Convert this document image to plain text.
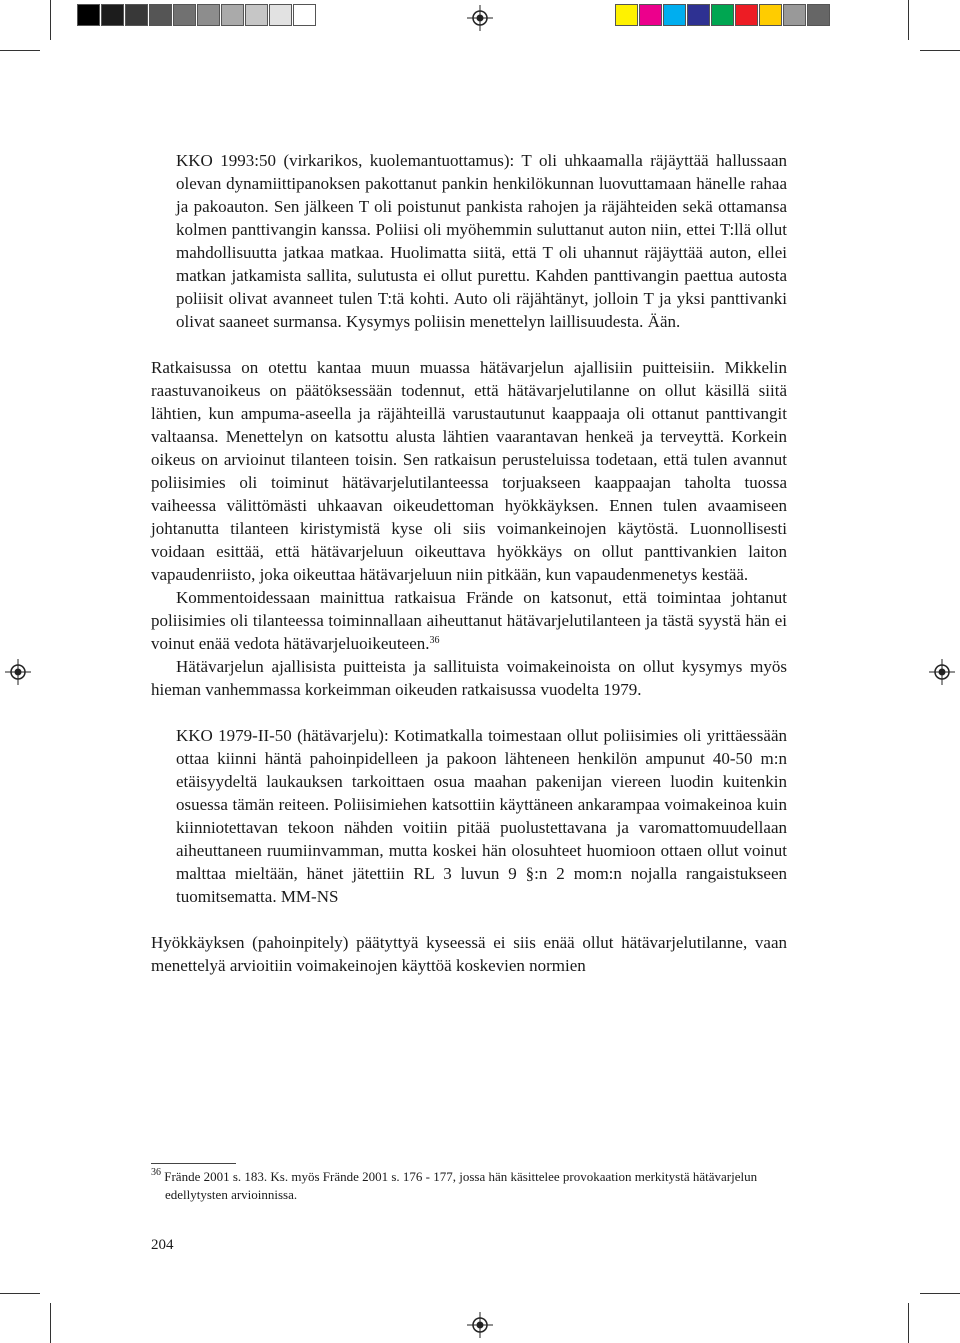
KKO 1993:50 (virkarikos, kuolemantuottamus): T oli uhkaamalla räjäyttää hallussaan olevan dynamiittipanoksen pakottanut pankin henkilökunnan luovuttamaan hänelle rahaa ja pakoauton. Sen jälkeen T oli poistunut pankista rahojen ja räjähteiden sekä ottamansa kolmen panttivangin kanssa. Poliisi oli myöhemmin suluttanut auton niin, ettei T:llä ollut mahdollisuutta jatkaa matkaa. Huolimatta siitä, että T oli uhannut räjäyttää auton, ellei matkan jatkamista sallita, sulutusta ei ollut purettu. Kahden panttivangin paettua autosta poliisit olivat avanneet tulen T:tä kohti. Auto oli räjähtänyt, jolloin T ja yksi panttivanki olivat saaneet surmansa. Kysymys poliisin menettelyn laillisuudesta. Ään.

Ratkaisussa on otettu kantaa muun muassa hätävarjelun ajallisiin puitteisiin. Mikkelin raastuvanoikeus on päätöksessään todennut, että hätävarjelutilanne on ollut käsillä siitä lähtien, kun ampuma-aseella ja räjähteillä varustautunut kaappaaja oli ottanut panttivangit valtaansa. Menettelyn on katsottu alusta lähtien vaarantavan henkeä ja terveyttä. Korkein oikeus on arvioinut tilanteen toisin. Sen ratkaisun perusteluissa todetaan, että tulen avannut poliisimies oli toiminut hätävarjelutilanteessa torjuakseen kaappaajan taholta tuossa vaiheessa välittömästi uhkaavan oikeudettoman hyökkäyksen. Ennen tulen avaamiseen johtanutta tilanteen kiristymistä kyse oli siis voimankeinojen käytöstä. Luonnollisesti voidaan esittää, että hätävarjeluun oikeuttava hyökkäys on ollut panttivankien laiton vapaudenriisto, joka oikeuttaa hätävarjeluun niin pitkään, kun vapaudenmenetys kestää.

Kommentoidessaan mainittua ratkaisua Frände on katsonut, että toimintaa johtanut poliisimies oli tilanteessa toiminnallaan aiheuttanut hätävarjelutilanteen ja tästä syystä hän ei voinut enää vedota hätävarjeluoikeuteen.$^{36}$

Hätävarjelun ajallisista puitteista ja sallituista voimakeinoista on ollut kysymys myös hieman vanhemmassa korkeimman oikeuden ratkaisussa vuodelta 1979.

KKO 1979-II-50 (hätävarjelu): Kotimatkalla toimestaan ollut poliisimies oli yrittäessään ottaa kiinni häntä pahoinpidelleen ja pakoon lähteneen henkilön ampunut 40-50 m:n etäisyydeltä laukauksen tarkoittaen osua maahan pakenijan viereen luodin kuitenkin osuessa tämän reiteen. Poliisimiehen katsottiin käyttäneen ankarampaa voimakeinoa kuin kiinniotettavan tekoon nähden voitiin pitää puolustettavana ja varomattomuudellaan aiheuttaneen ruumiinvamman, mutta koskei hän olosuhteet huomioon ottaen ollut voinut malttaa mieltään, hänet jätettiin RL 3 luvun 9 §:n 2 mom:n nojalla rangaistukseen tuomitsematta. MM-NS

Hyökkäyksen (pahoinpitely) päätyttyä kyseessä ei siis enää ollut hätävarjelutilanne, vaan menettelyä arvioitiin voimakeinojen käyttöä koskevien normien

$^{36}$ Frände 2001 s. 183. Ks. myös Frände 2001 s. 176 - 177, jossa hän käsittelee provokaation merkitystä hätävarjelun edellytysten arvioinnissa.

204
